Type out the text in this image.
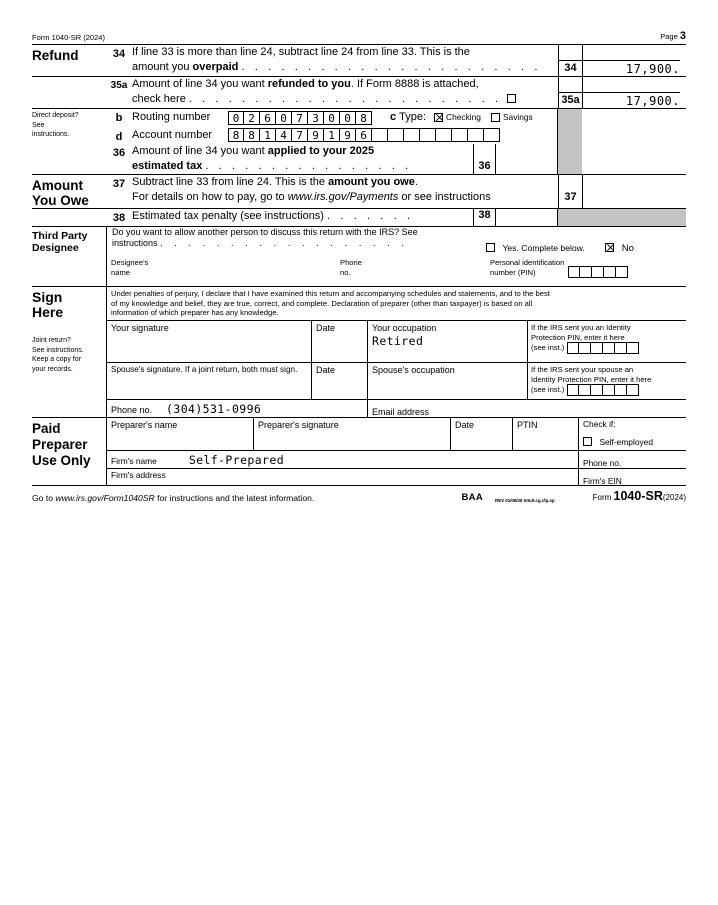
Form 1040-SR (2024)	Page 3
Refund	34 If line 33 is more than line 24, subtract line 24 from line 33. This is the
amount you overpaid . . . . . . . . . . . . . . . . . . . . . . .	34	17,900.
35a Amount of line 34 you want refunded to you. If Form 8888 is attached,
check here . . . . . . . . . . . . . . . . . . . . . . . .	35a	17,900.
Direct deposit?
See
instructions.
b
d
Routing number	0 2 6 0 7 3 0 0 8	c Type: Checking	Savings
Account number	8 8 1 4 7 9 1 9 6
36 Amount of line 34 you want applied to your 2025
estimated tax . . . . . . . . . . . . . . . .	36
Amount
You Owe
37 Subtract line 33 from line 24. This is the amount you owe.
For details on how to pay, go to www.irs.gov/Payments or see instructions	37
38 Estimated tax penalty (see instructions) . . . . . . .	38
Third Party
Designee
Do you want to allow another person to discuss this return with the IRS? See
instructions . . . . . . . . . . . . . . . . . .	Yes. Complete below.	No
Designee's
name
Phone
no.
Personal identification
number (PIN)
Sign
Here
Under penalties of perjury, I declare that I have examined this return and accompanying schedules and statements, and to the best
of my knowledge and belief, they are true, correct, and complete. Declaration of preparer (other than taxpayer) is based on all
information of which preparer has any knowledge.
Joint return?
See instructions.
Keep a copy for
your records.
Your signature	Date	Your occupation
Retired
If the IRS sent you an Identity
Protection PIN, enter it here
(see inst.)
Spouse's signature. If a joint return, both must sign.	Date	Spouse's occupation	If the IRS sent your spouse an
Identity Protection PIN, enter it here
(see inst.)
Phone no. (304)531-0996	Email address
Paid
Preparer
Use Only
Preparer's name	Preparer's signature	Date	PTIN	Check if:
Self-employed
Firm's name	Self-Prepared	Phone no.
Firm's address
Firm's EIN
Go to www.irs.gov/Form1040SR for instructions and the latest information.	BAA	REV 01/06/25 Intuit.cg.cfp.sp	Form 1040-SR(2024)
